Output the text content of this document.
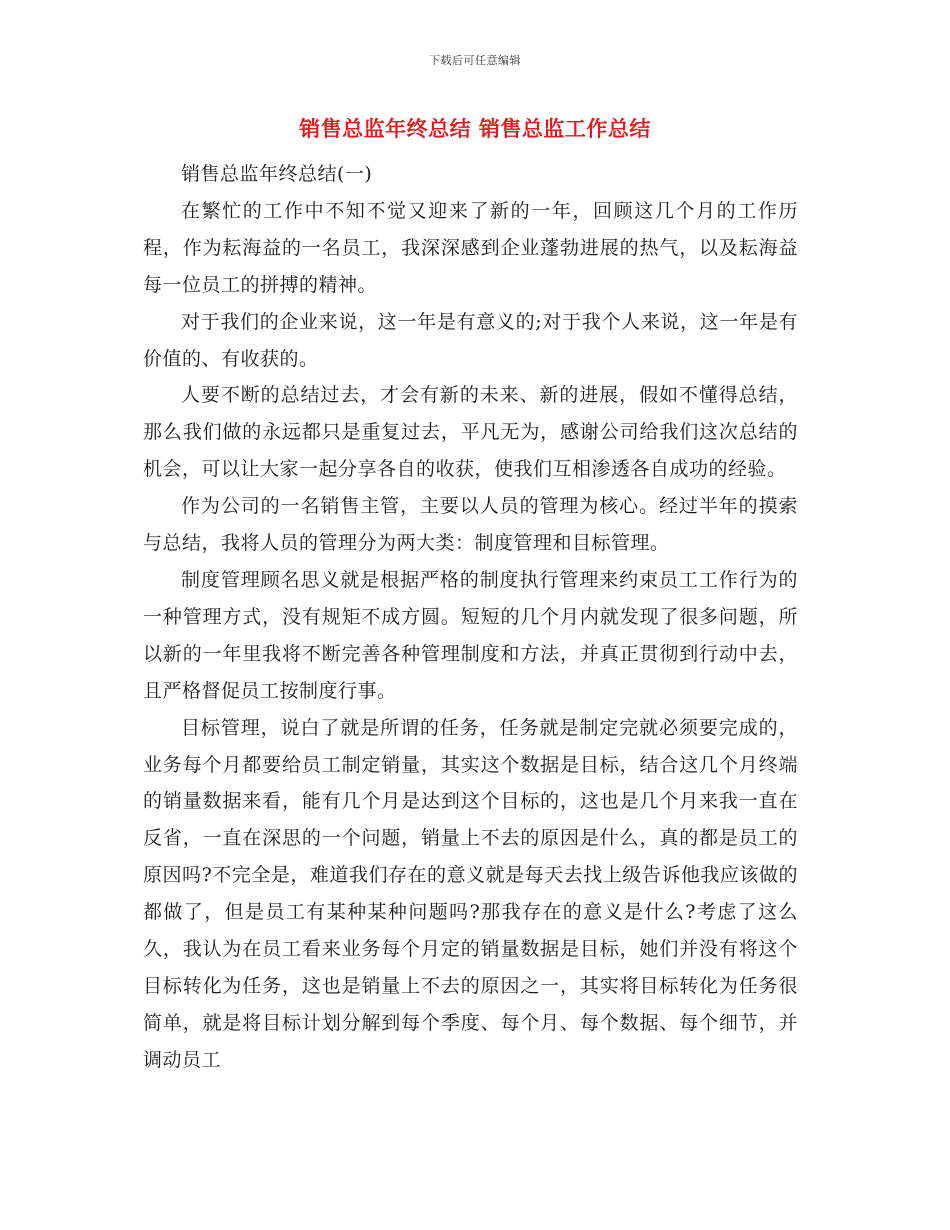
下载后可任意编辑
销售总监年终总结 销售总监工作总结

销售总监年终总结(一)

在繁忙的工作中不知不觉又迎来了新的一年，回顾这几个月的工作历程，作为耘海益的一名员工，我深深感到企业蓬勃进展的热气，以及耘海益每一位员工的拼搏的精神。

对于我们的企业来说，这一年是有意义的;对于我个人来说，这一年是有价值的、有收获的。

人要不断的总结过去，才会有新的未来、新的进展，假如不懂得总结，那么我们做的永远都只是重复过去，平凡无为，感谢公司给我们这次总结的机会，可以让大家一起分享各自的收获，使我们互相渗透各自成功的经验。

作为公司的一名销售主管，主要以人员的管理为核心。经过半年的摸索与总结，我将人员的管理分为两大类：制度管理和目标管理。

制度管理顾名思义就是根据严格的制度执行管理来约束员工工作行为的一种管理方式，没有规矩不成方圆。短短的几个月内就发现了很多问题，所以新的一年里我将不断完善各种管理制度和方法，并真正贯彻到行动中去，且严格督促员工按制度行事。

目标管理，说白了就是所谓的任务，任务就是制定完就必须要完成的，业务每个月都要给员工制定销量，其实这个数据是目标，结合这几个月终端的销量数据来看，能有几个月是达到这个目标的，这也是几个月来我一直在反省，一直在深思的一个问题，销量上不去的原因是什么，真的都是员工的原因吗?不完全是，难道我们存在的意义就是每天去找上级告诉他我应该做的都做了，但是员工有某种某种问题吗?那我存在的意义是什么?考虑了这么久，我认为在员工看来业务每个月定的销量数据是目标，她们并没有将这个目标转化为任务，这也是销量上不去的原因之一，其实将目标转化为任务很简单，就是将目标计划分解到每个季度、每个月、每个数据、每个细节，并调动员工
